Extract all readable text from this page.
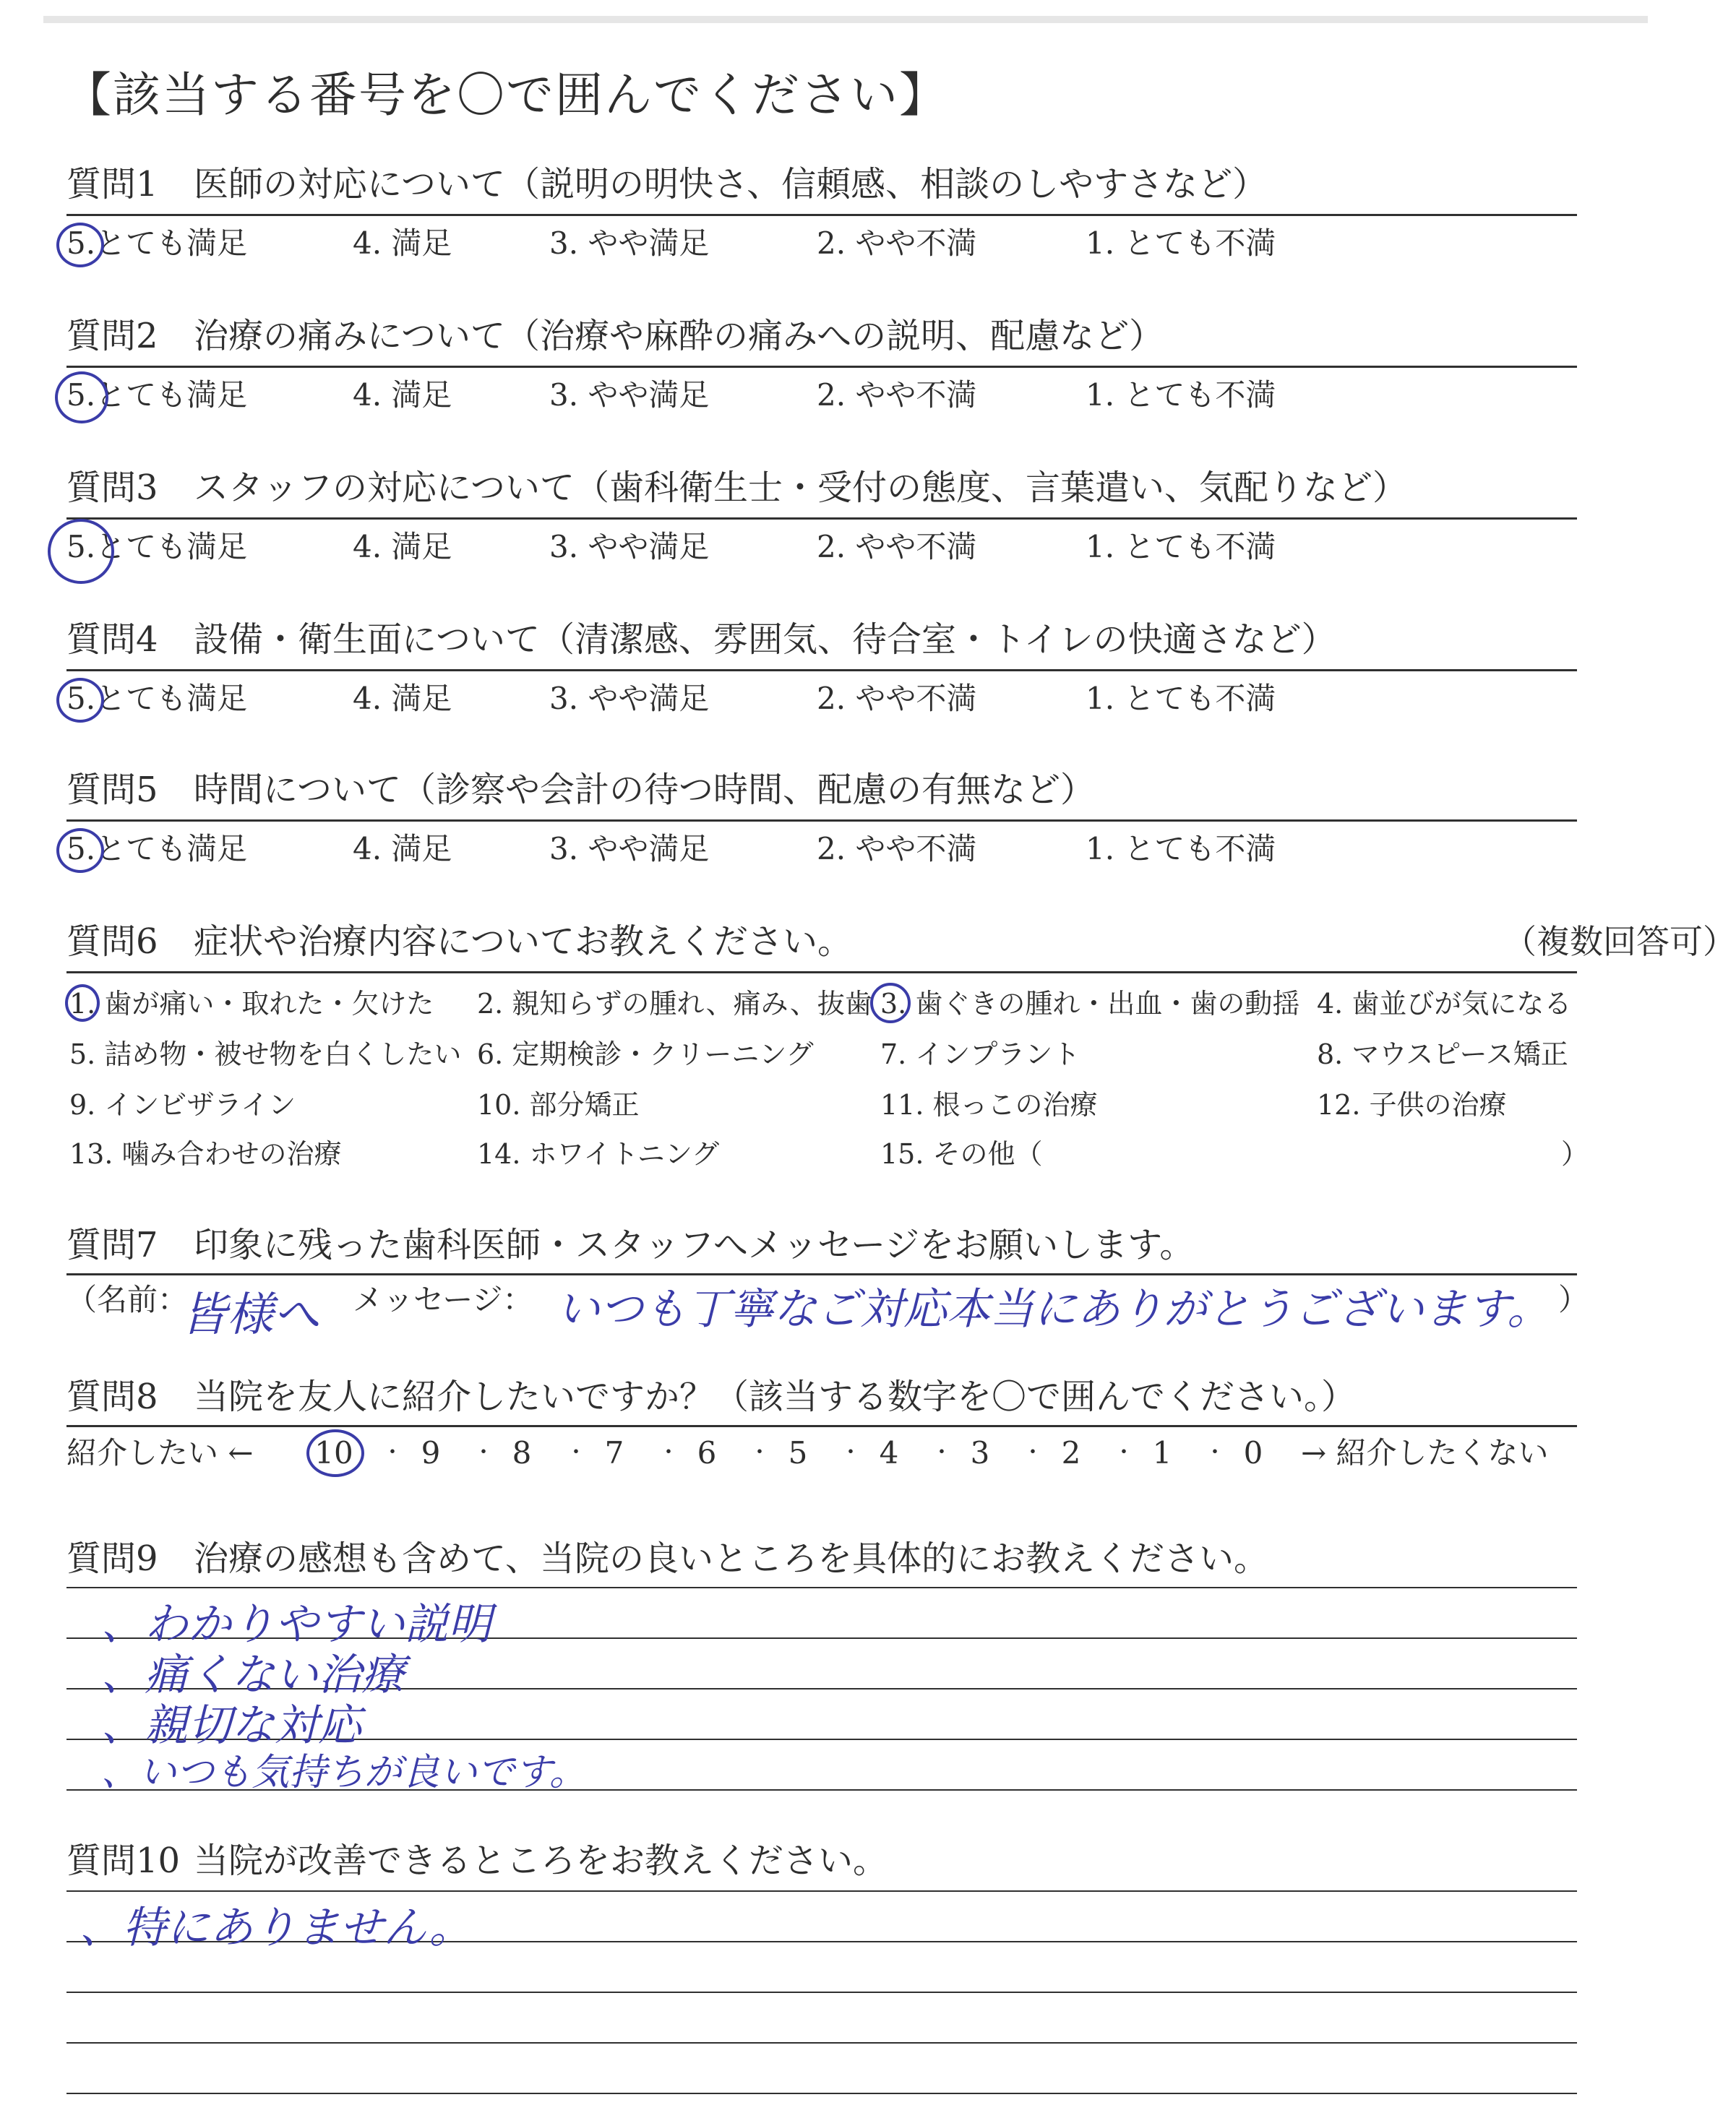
【該当する番号を〇で囲んでください】
質問1 医師の対応について（説明の明快さ、信頼感、相談のしやすさなど）
5.とても満足	4. 満足	3. やや満足	2. やや不満	1. とても不満
質問2 治療の痛みについて（治療や麻酔の痛みへの説明、配慮など）
5.とても満足	4. 満足	3. やや満足	2. やや不満	1. とても不満
質問3 スタッフの対応について（歯科衛生士・受付の態度、言葉遣い、気配りなど）
5.とても満足	4. 満足	3. やや満足	2. やや不満	1. とても不満
質問4 設備・衛生面について（清潔感、雰囲気、待合室・トイレの快適さなど）
5.とても満足	4. 満足	3. やや満足	2. やや不満	1. とても不満
質問5 時間について（診察や会計の待つ時間、配慮の有無など）
5.とても満足	4. 満足	3. やや満足	2. やや不満	1. とても不満
質問6 症状や治療内容についてお教えください。	（複数回答可）
1. 歯が痛い・取れた・欠けた 2. 親知らずの腫れ、痛み、抜歯 3. 歯ぐきの腫れ・出血・歯の動揺 4. 歯並びが気になる
5. 詰め物・被せ物を白くしたい 6. 定期検診・クリーニング 7. インプラント	8. マウスピース矯正
9. インビザライン	10. 部分矯正	11. 根っこの治療	12. 子供の治療
13. 噛み合わせの治療	14. ホワイトニング	15. その他（	）
質問7 印象に残った歯科医師・スタッフへメッセージをお願いします。
（名前：
皆様へ メッセージ： いつも丁寧なご対応本当にありがとうございます。 ）
質問8 当院を友人に紹介したいですか？（該当する数字を〇で囲んでください。）
紹介したい ←	→ 紹介したくない
10 ・ 9	・ 8	・ 7	・ 6	・ 5	・ 4	・ 3	・ 2	・ 1	・ 0
質問9 治療の感想も含めて、当院の良いところを具体的にお教えください。
、わかりやすい説明
、痛くない治療
、親切な対応
、いつも気持ちが良いです。
質問10 当院が改善できるところをお教えください。
、特にありません。
